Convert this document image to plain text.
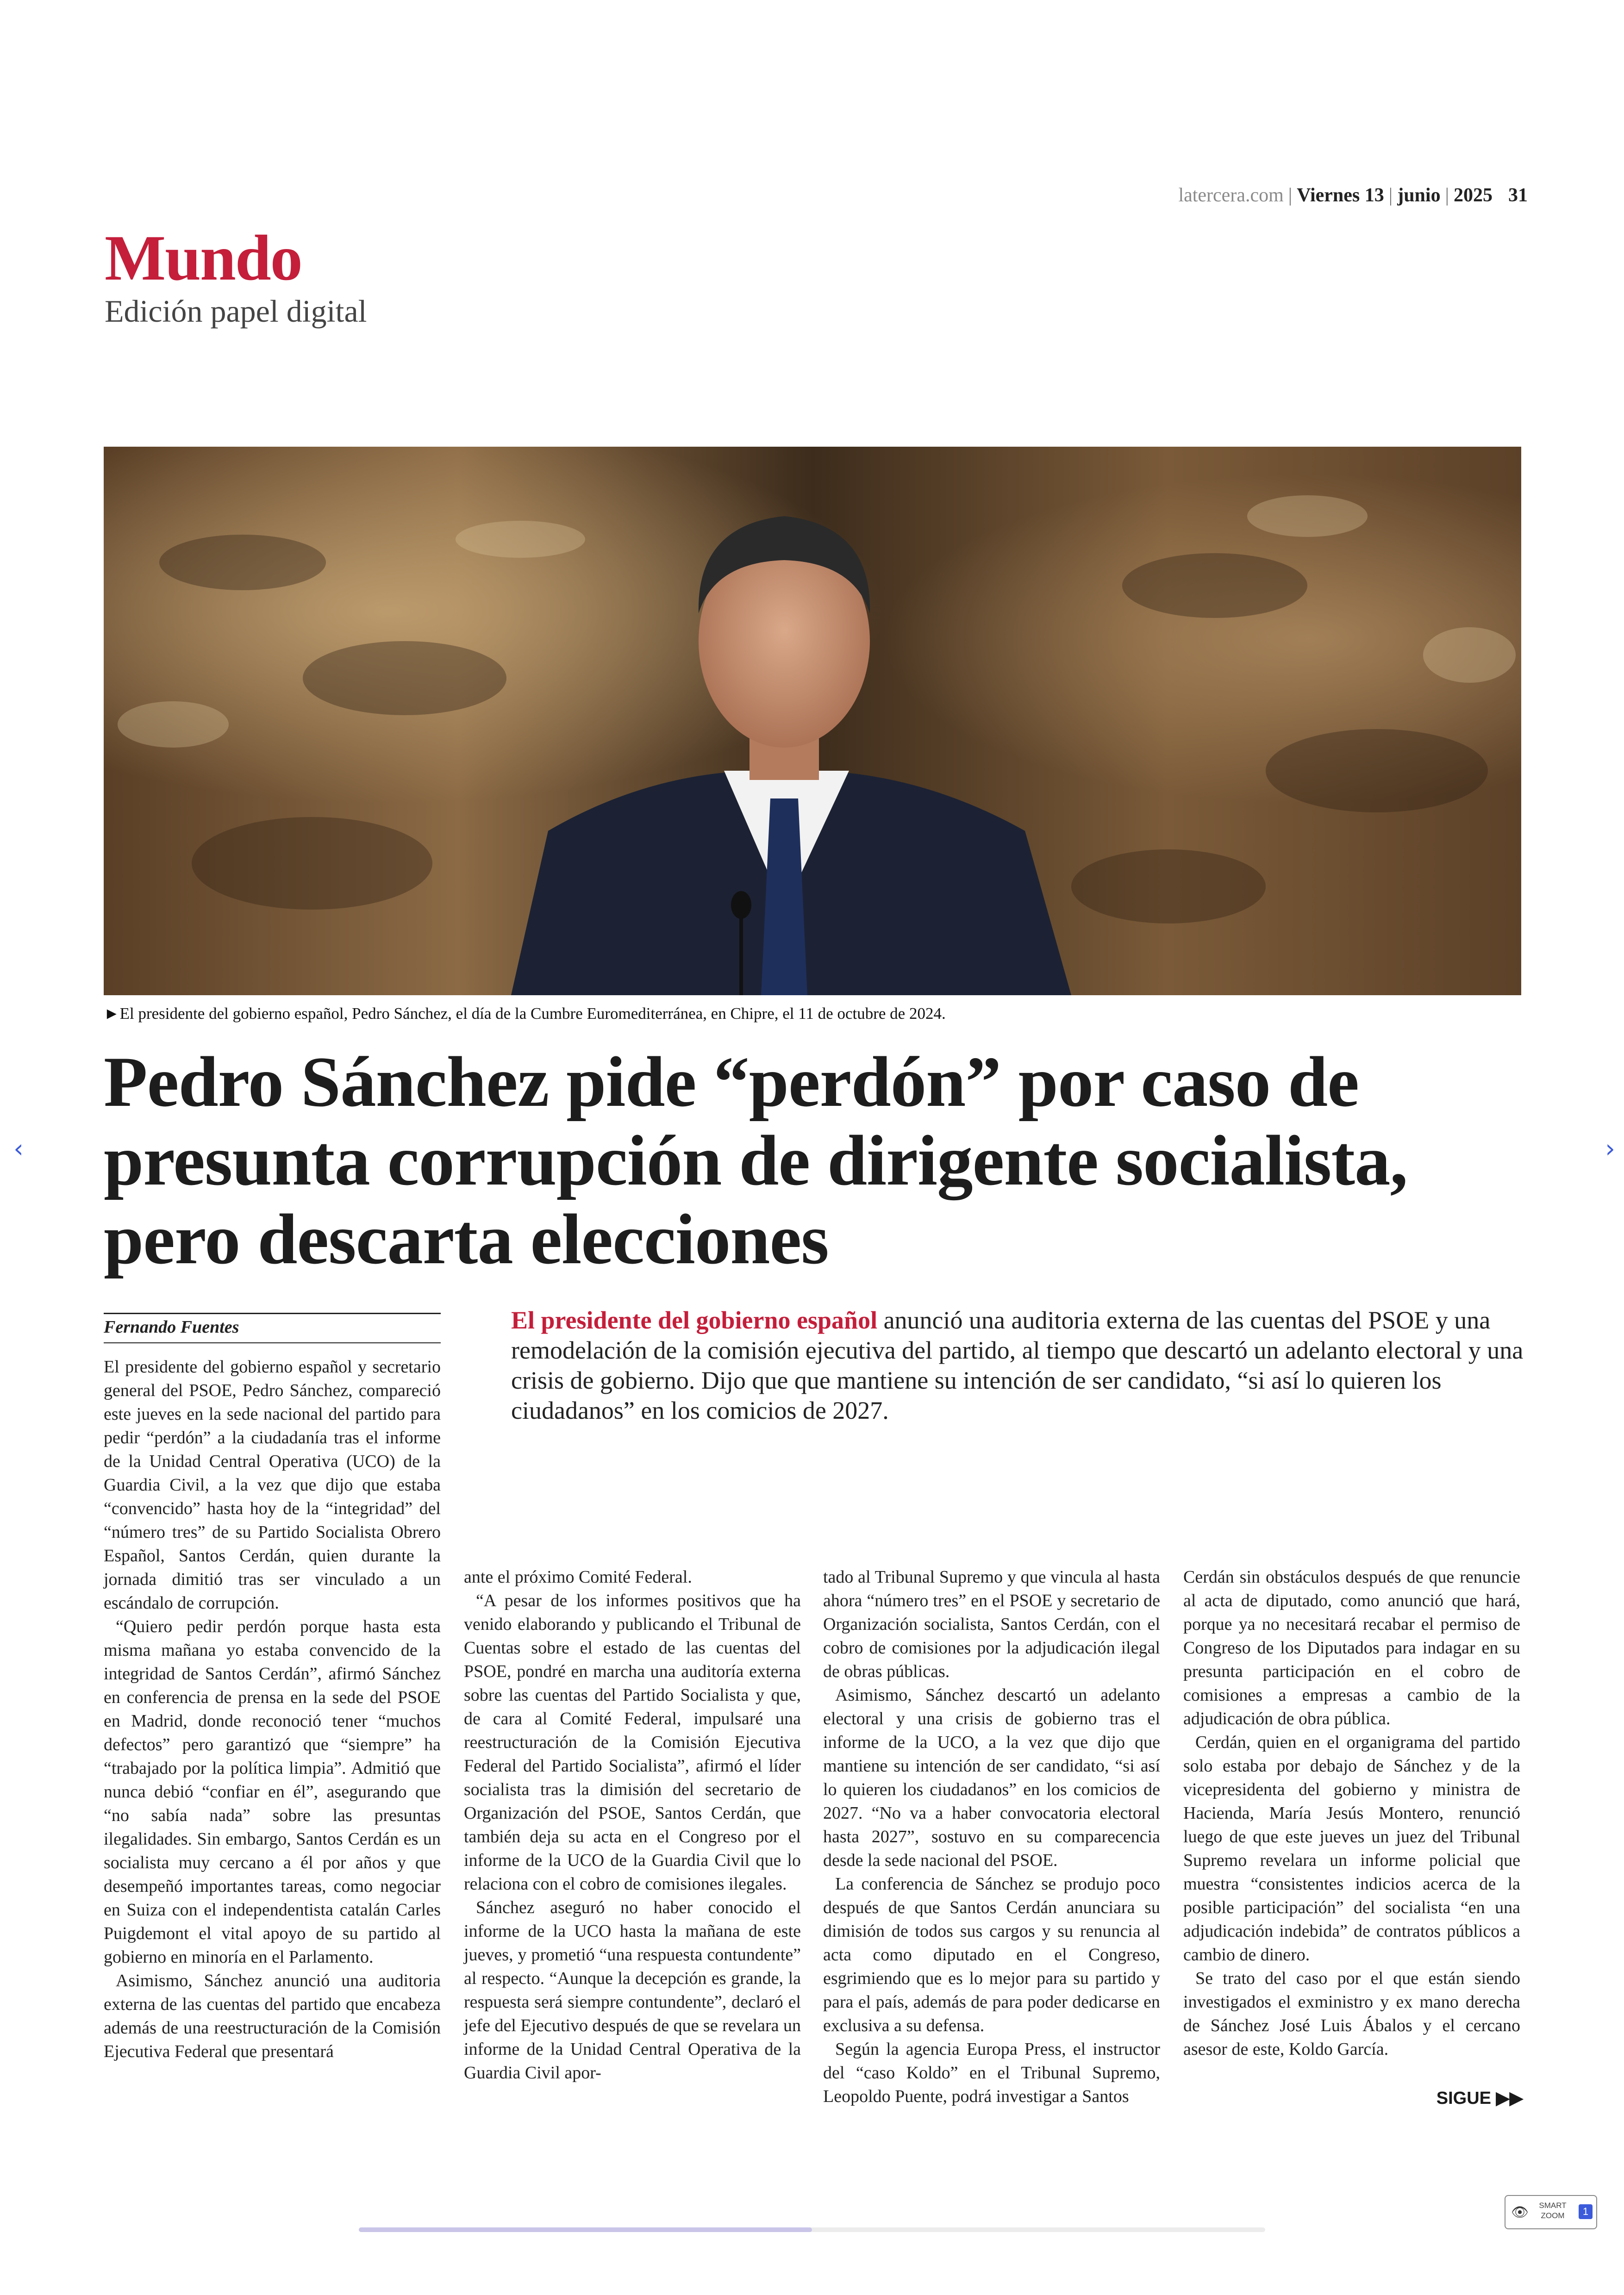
latercera.com | Viernes 13 | junio | 2025 31
Mundo
Edición papel digital
►El presidente del gobierno español, Pedro Sánchez, el día de la Cumbre Euromediterránea, en Chipre, el 11 de octubre de 2024.
Pedro Sánchez pide “perdón” por caso de presunta corrupción de dirigente socialista, pero descarta elecciones
Fernando Fuentes	El presidente del gobierno español anunció una auditoria externa de las cuentas del PSOE y una remodelación de la comisión ejecutiva del partido, al tiempo que descartó un adelanto electoral y una crisis de gobierno. Dijo que que mantiene su intención de ser candidato, “si así lo quieren los ciudadanos” en los comicios de 2027.

El presidente del gobierno español y secretario general del PSOE, Pedro Sánchez, compareció este jueves en la sede nacional del partido para pedir “perdón” a la ciudadanía tras el informe de la Unidad Central Operativa (UCO) de la Guardia Civil, a la vez que dijo que estaba “convencido” hasta hoy de la “integridad” del “número tres” de su Partido Socialista Obrero Español, Santos Cerdán, quien durante la jornada dimitió tras ser vinculado a un escándalo de corrupción.

“Quiero pedir perdón porque hasta esta misma mañana yo estaba convencido de la integridad de Santos Cerdán”, afirmó Sánchez en conferencia de prensa en la sede del PSOE en Madrid, donde reconoció tener “muchos defectos” pero garantizó que “siempre” ha “trabajado por la política limpia”. Admitió que nunca debió “confiar en él”, asegurando que “no sabía nada” sobre las presuntas ilegalidades. Sin embargo, Santos Cerdán es un socialista muy cercano a él por años y que desempeñó importantes tareas, como negociar en Suiza con el independentista catalán Carles Puigdemont el vital apoyo de su partido al gobierno en minoría en el Parlamento.

Asimismo, Sánchez anunció una auditoria externa de las cuentas del partido que encabeza además de una reestructuración de la Comisión Ejecutiva Federal que presentará

ante el próximo Comité Federal.

“A pesar de los informes positivos que ha venido elaborando y publicando el Tribunal de Cuentas sobre el estado de las cuentas del PSOE, pondré en marcha una auditoría externa sobre las cuentas del Partido Socialista y que, de cara al Comité Federal, impulsaré una reestructuración de la Comisión Ejecutiva Federal del Partido Socialista”, afirmó el líder socialista tras la dimisión del secretario de Organización del PSOE, Santos Cerdán, que también deja su acta en el Congreso por el informe de la UCO de la Guardia Civil que lo relaciona con el cobro de comisiones ilegales.

Sánchez aseguró no haber conocido el informe de la UCO hasta la mañana de este jueves, y prometió “una respuesta contundente” al respecto. “Aunque la decepción es grande, la respuesta será siempre contundente”, declaró el jefe del Ejecutivo después de que se revelara un informe de la Unidad Central Operativa de la Guardia Civil apor-

tado al Tribunal Supremo y que vincula al hasta ahora “número tres” en el PSOE y secretario de Organización socialista, Santos Cerdán, con el cobro de comisiones por la adjudicación ilegal de obras públicas.

Asimismo, Sánchez descartó un adelanto electoral y una crisis de gobierno tras el informe de la UCO, a la vez que dijo que mantiene su intención de ser candidato, “si así lo quieren los ciudadanos” en los comicios de 2027. “No va a haber convocatoria electoral hasta 2027”, sostuvo en su comparecencia desde la sede nacional del PSOE.

La conferencia de Sánchez se produjo poco después de que Santos Cerdán anunciara su dimisión de todos sus cargos y su renuncia al acta como diputado en el Congreso, esgrimiendo que es lo mejor para su partido y para el país, además de para poder dedicarse en exclusiva a su defensa.

Según la agencia Europa Press, el instructor del “caso Koldo” en el Tribunal Supremo, Leopoldo Puente, podrá investigar a Santos

Cerdán sin obstáculos después de que renuncie al acta de diputado, como anunció que hará, porque ya no necesitará recabar el permiso de Congreso de los Diputados para indagar en su presunta participación en el cobro de comisiones a empresas a cambio de la adjudicación de obra pública.

Cerdán, quien en el organigrama del partido solo estaba por debajo de Sánchez y de la vicepresidenta del gobierno y ministra de Hacienda, María Jesús Montero, renunció luego de que este jueves un juez del Tribunal Supremo revelara un informe policial que muestra “consistentes indicios acerca de la posible participación” del socialista “en una adjudicación indebida” de contratos públicos a cambio de dinero.

Se trato del caso por el que están siendo investigados el exministro y ex mano derecha de Sánchez José Luis Ábalos y el cercano asesor de este, Koldo García.

SIGUE ▶▶
‹	›
👁	SMART ZOOM	1
